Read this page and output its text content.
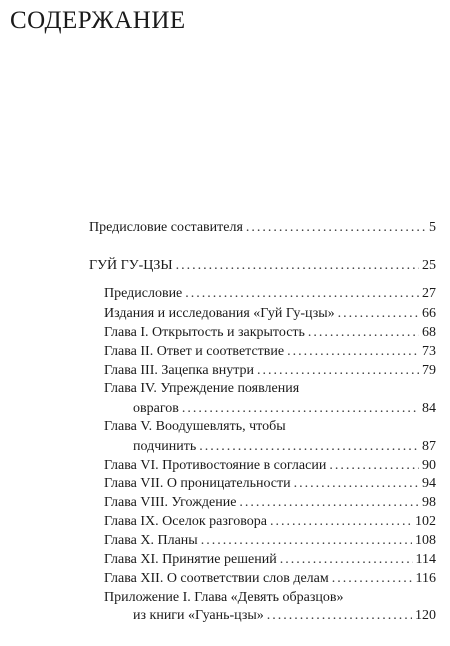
СОДЕРЖАНИЕ
Предисловие составителя .....	5
ГУЙ ГУ-ЦЗЫ .....	25
Предисловие .....	27
Издания и исследования «Гуй Гу-цзы» .....	66
Глава I. Открытость и закрытость .....	68
Глава II. Ответ и соответствие .....	73
Глава III. Зацепка внутри .....	79
Глава IV. Упреждение появления
оврагов .....	84
Глава V. Воодушевлять, чтобы
подчинить .....	87
Глава VI. Противостояние в согласии .....	90
Глава VII. О проницательности .....	94
Глава VIII. Угождение .....	98
Глава IX. Оселок разговора .....	102
Глава X. Планы .....	108
Глава XI. Принятие решений .....	114
Глава XII. О соответствии слов делам .....	116
Приложение I. Глава «Девять образцов»
из книги «Гуань-цзы» .....	120
